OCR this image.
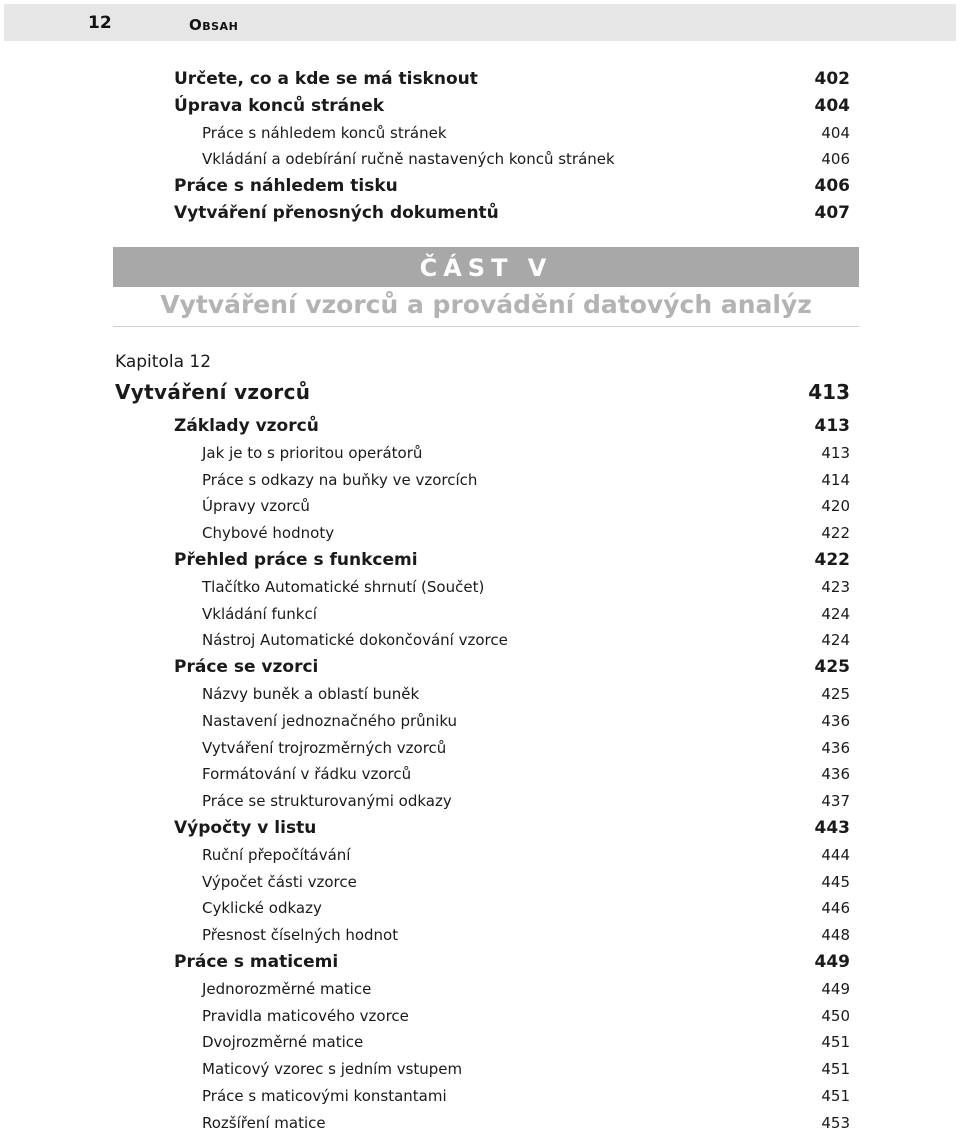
12	Obsah
Určete, co a kde se má tisknout	402
Úprava konců stránek	404
Práce s náhledem konců stránek	404
Vkládání a odebírání ručně nastavených konců stránek	406
Práce s náhledem tisku	406
Vytváření přenosných dokumentů	407
ČÁST V
Vytváření vzorců a provádění datových analýz
Kapitola 12
Vytváření vzorců	413
Základy vzorců	413
Jak je to s prioritou operátorů	413
Práce s odkazy na buňky ve vzorcích	414
Úpravy vzorců	420
Chybové hodnoty	422
Přehled práce s funkcemi	422
Tlačítko Automatické shrnutí (Součet)	423
Vkládání funkcí	424
Nástroj Automatické dokončování vzorce	424
Práce se vzorci	425
Názvy buněk a oblastí buněk	425
Nastavení jednoznačného průniku	436
Vytváření trojrozměrných vzorců	436
Formátování v řádku vzorců	436
Práce se strukturovanými odkazy	437
Výpočty v listu	443
Ruční přepočítávání	444
Výpočet části vzorce	445
Cyklické odkazy	446
Přesnost číselných hodnot	448
Práce s maticemi	449
Jednorozměrné matice	449
Pravidla maticového vzorce	450
Dvojrozměrné matice	451
Maticový vzorec s jedním vstupem	451
Práce s maticovými konstantami	451
Rozšíření matice	453
